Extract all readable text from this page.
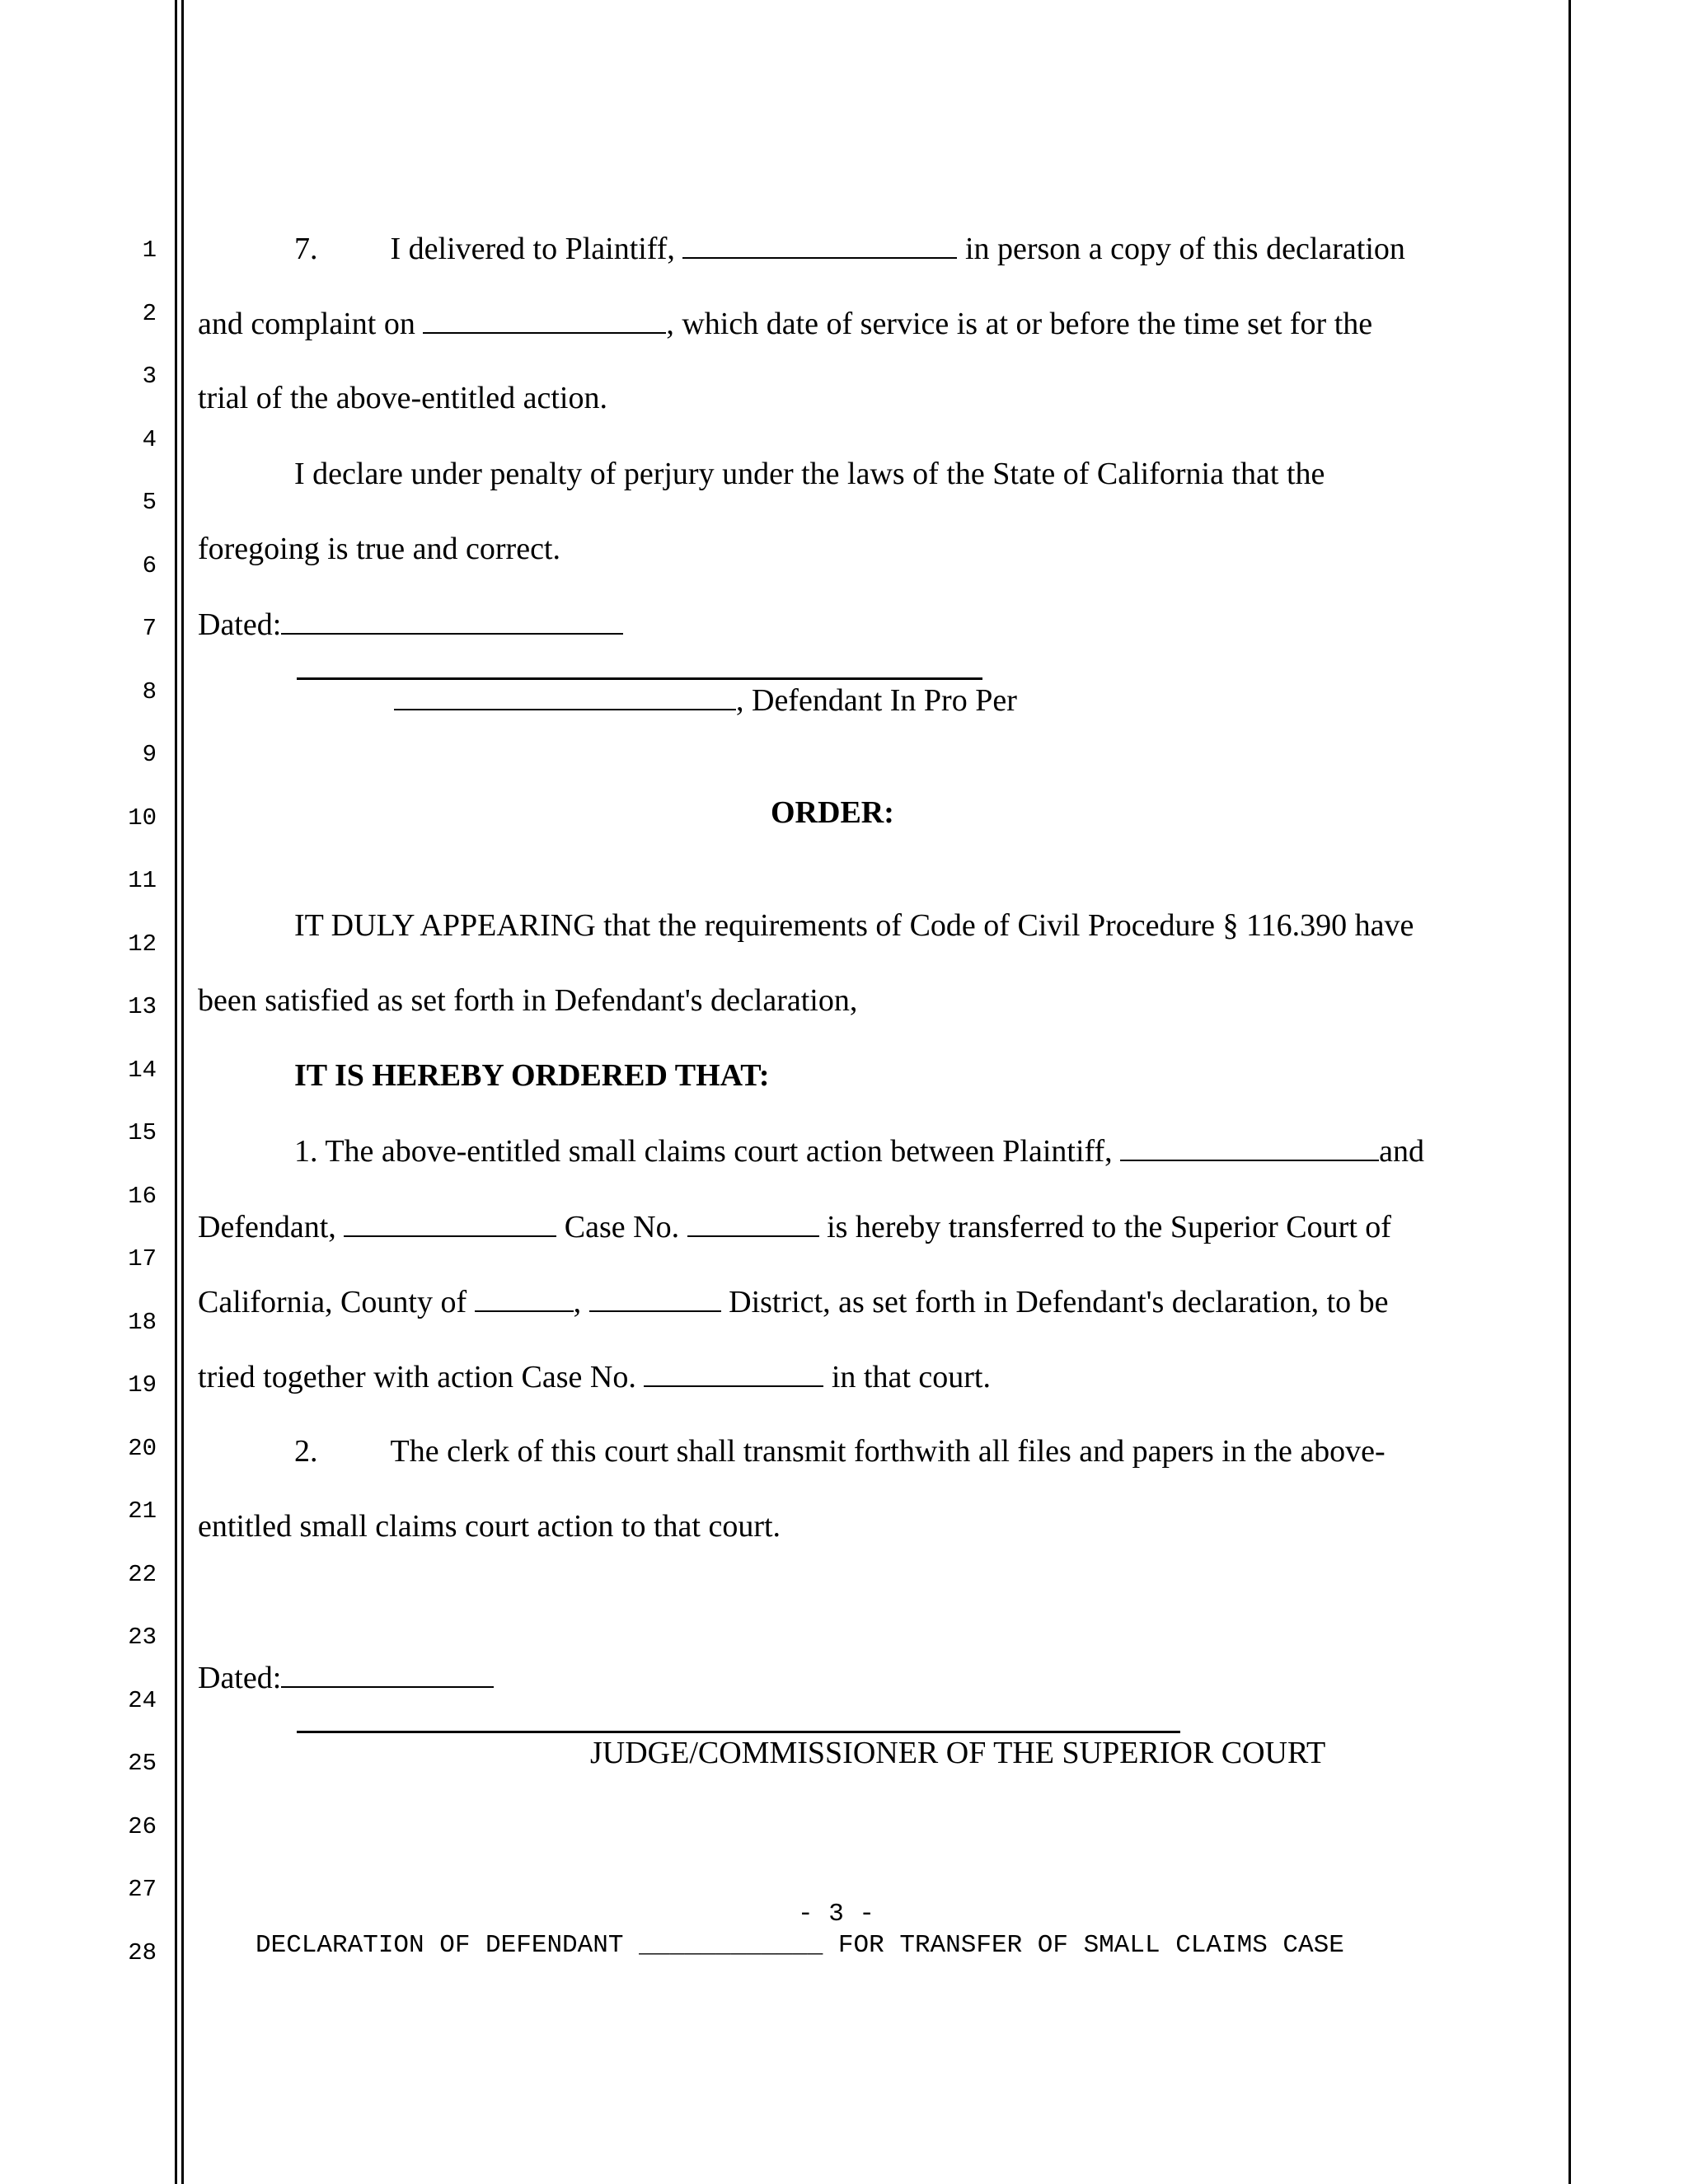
1
2
3
4
5
6
7
8
9
10
11
12
13
14
15
16
17
18
19
20
21
22
23
24
25
26
27
28
7. I delivered to Plaintiff,	in person a copy of this declaration
and complaint on	, which date of service is at or before the time set for the
trial of the above-entitled action.
I declare under penalty of perjury under the laws of the State of California that the
foregoing is true and correct.
Dated:
, Defendant In Pro Per
ORDER:
IT DULY APPEARING that the requirements of Code of Civil Procedure § 116.390 have
been satisfied as set forth in Defendant's declaration,
IT IS HEREBY ORDERED THAT:
1. The above-entitled small claims court action between Plaintiff,	and
Defendant,	Case No.	is hereby transferred to the Superior Court of
California, County of	,	District, as set forth in Defendant's declaration, to be
tried together with action Case No.	in that court.
2. The clerk of this court shall transmit forthwith all files and papers in the above-
entitled small claims court action to that court.
Dated:
JUDGE/COMMISSIONER OF THE SUPERIOR COURT
- 3 -
DECLARATION OF DEFENDANT ____________ FOR TRANSFER OF SMALL CLAIMS CASE
